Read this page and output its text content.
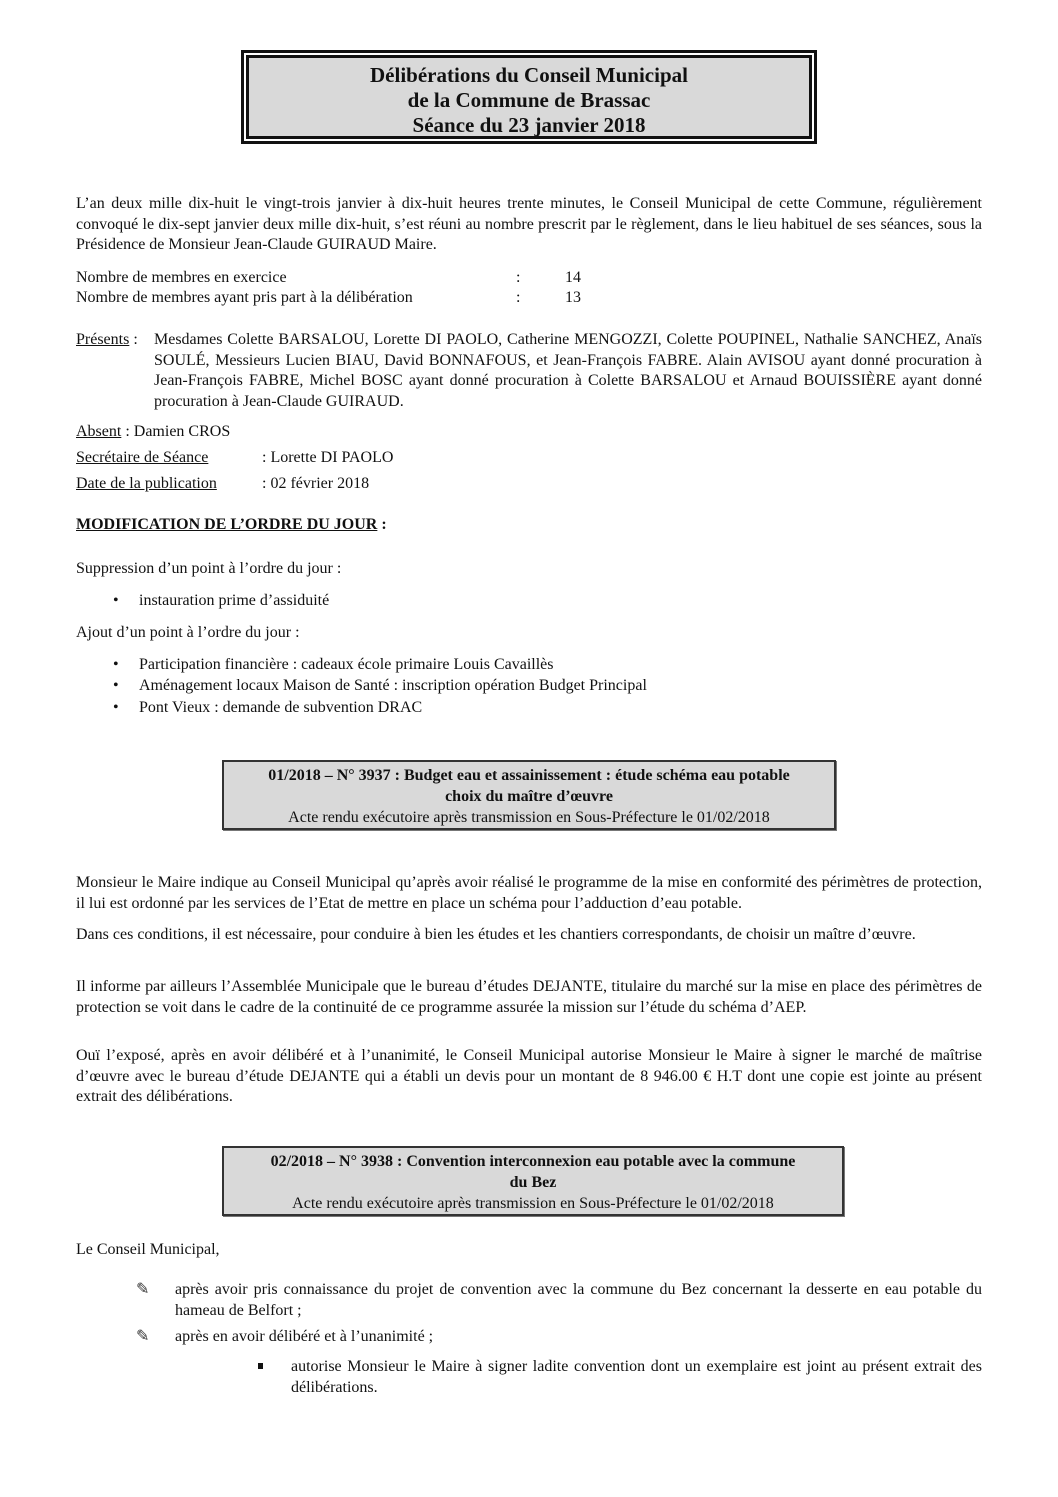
Délibérations du Conseil Municipal
de la Commune de Brassac
Séance du 23 janvier 2018
L’an deux mille dix-huit le vingt-trois janvier à dix-huit heures trente minutes, le Conseil Municipal de cette Commune, régulièrement convoqué le dix-sept janvier deux mille dix-huit, s’est réuni au nombre prescrit par le règlement, dans le lieu habituel de ses séances, sous la Présidence de Monsieur Jean-Claude GUIRAUD Maire.
Nombre de membres en exercice	:	14
Nombre de membres ayant pris part à la délibération	:	13
Présents : Mesdames Colette BARSALOU, Lorette DI PAOLO, Catherine MENGOZZI, Colette POUPINEL, Nathalie SANCHEZ, Anaïs SOULÉ, Messieurs Lucien BIAU, David BONNAFOUS, et Jean-François FABRE. Alain AVISOU ayant donné procuration à Jean-François FABRE, Michel BOSC ayant donné procuration à Colette BARSALOU et Arnaud BOUISSIÈRE ayant donné procuration à Jean-Claude GUIRAUD.
Absent : Damien CROS
Secrétaire de Séance	: Lorette DI PAOLO
Date de la publication	: 02 février 2018
MODIFICATION DE L’ORDRE DU JOUR :
Suppression d’un point à l’ordre du jour :
• instauration prime d’assiduité
Ajout d’un point à l’ordre du jour :
• Participation financière : cadeaux école primaire Louis Cavaillès
• Aménagement locaux Maison de Santé : inscription opération Budget Principal
• Pont Vieux : demande de subvention DRAC
01/2018 – N° 3937 : Budget eau et assainissement : étude schéma eau potable
choix du maître d’œuvre
Acte rendu exécutoire après transmission en Sous-Préfecture le 01/02/2018
Monsieur le Maire indique au Conseil Municipal qu’après avoir réalisé le programme de la mise en conformité des périmètres de protection, il lui est ordonné par les services de l’Etat de mettre en place un schéma pour l’adduction d’eau potable.
Dans ces conditions, il est nécessaire, pour conduire à bien les études et les chantiers correspondants, de choisir un maître d’œuvre.
Il informe par ailleurs l’Assemblée Municipale que le bureau d’études DEJANTE, titulaire du marché sur la mise en place des périmètres de protection se voit dans le cadre de la continuité de ce programme assurée la mission sur l’étude du schéma d’AEP.
Ouï l’exposé, après en avoir délibéré et à l’unanimité, le Conseil Municipal autorise Monsieur le Maire à signer le marché de maîtrise d’œuvre avec le bureau d’étude DEJANTE qui a établi un devis pour un montant de 8 946.00 € H.T dont une copie est jointe au présent extrait des délibérations.
02/2018 – N° 3938 : Convention interconnexion eau potable avec la commune
du Bez
Acte rendu exécutoire après transmission en Sous-Préfecture le 01/02/2018
Le Conseil Municipal,
✎ après avoir pris connaissance du projet de convention avec la commune du Bez concernant la desserte en eau potable du hameau de Belfort ;
✎ après en avoir délibéré et à l’unanimité ;
autorise Monsieur le Maire à signer ladite convention dont un exemplaire est joint au présent extrait des délibérations.
